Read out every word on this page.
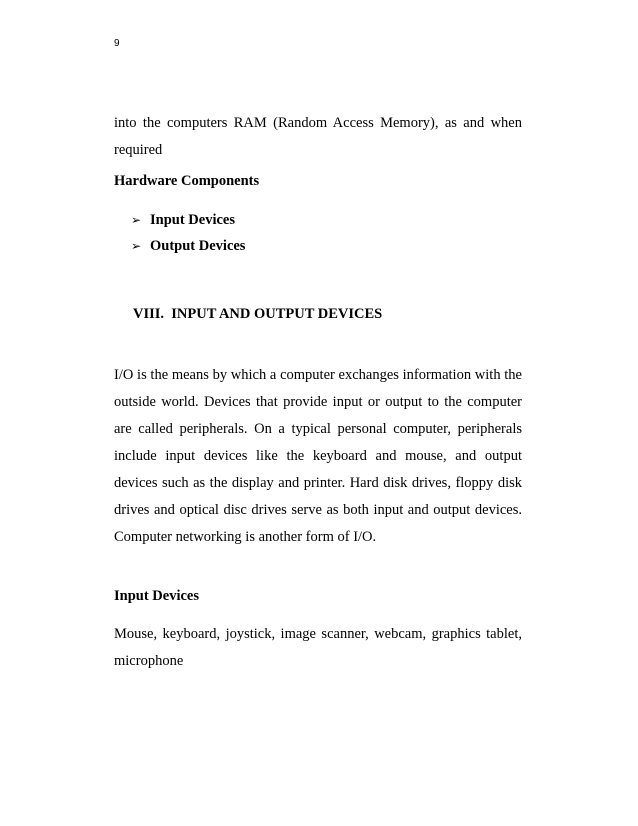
9
into the computers RAM (Random Access Memory), as and when required
Hardware Components
➢ Input Devices
➢ Output Devices
VIII.  INPUT AND OUTPUT DEVICES
I/O is the means by which a computer exchanges information with the outside world. Devices that provide input or output to the computer are called peripherals. On a typical personal computer, peripherals include input devices like the keyboard and mouse, and output devices such as the display and printer. Hard disk drives, floppy disk drives and optical disc drives serve as both input and output devices. Computer networking is another form of I/O.
Input Devices
Mouse, keyboard, joystick, image scanner, webcam, graphics tablet, microphone
